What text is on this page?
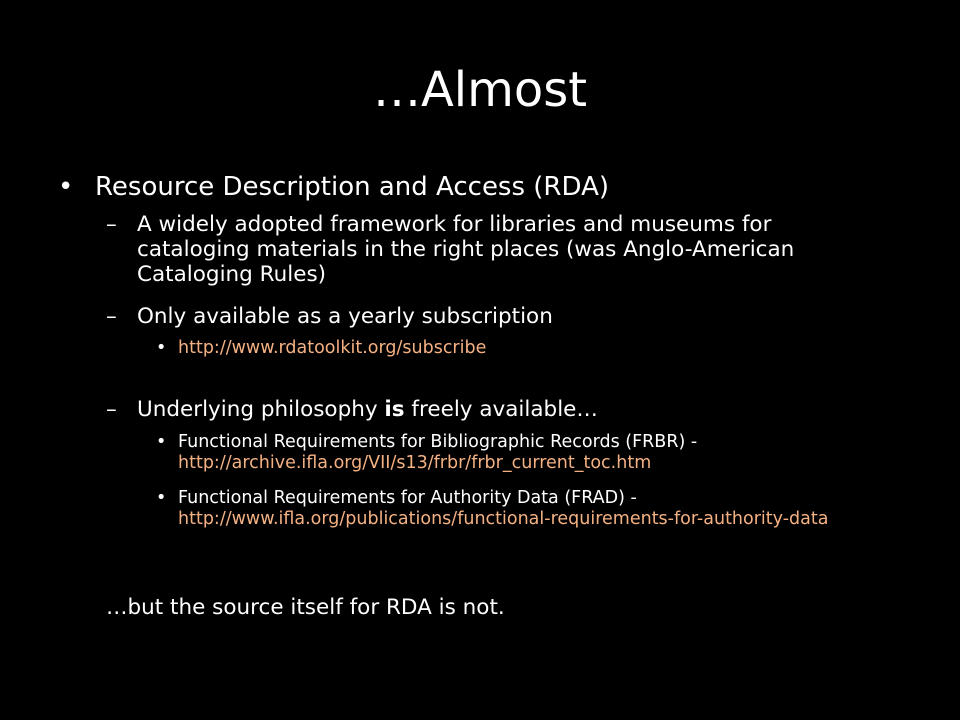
…Almost
• Resource Description and Access (RDA)
– A widely adopted framework for libraries and museums for cataloging materials in the right places (was Anglo-American Cataloging Rules)
– Only available as a yearly subscription
• http://www.rdatoolkit.org/subscribe
– Underlying philosophy is freely available…
• Functional Requirements for Bibliographic Records (FRBR) -
http://archive.ifla.org/VII/s13/frbr/frbr_current_toc.htm
• Functional Requirements for Authority Data (FRAD) -
http://www.ifla.org/publications/functional-requirements-for-authority-data
…but the source itself for RDA is not.
